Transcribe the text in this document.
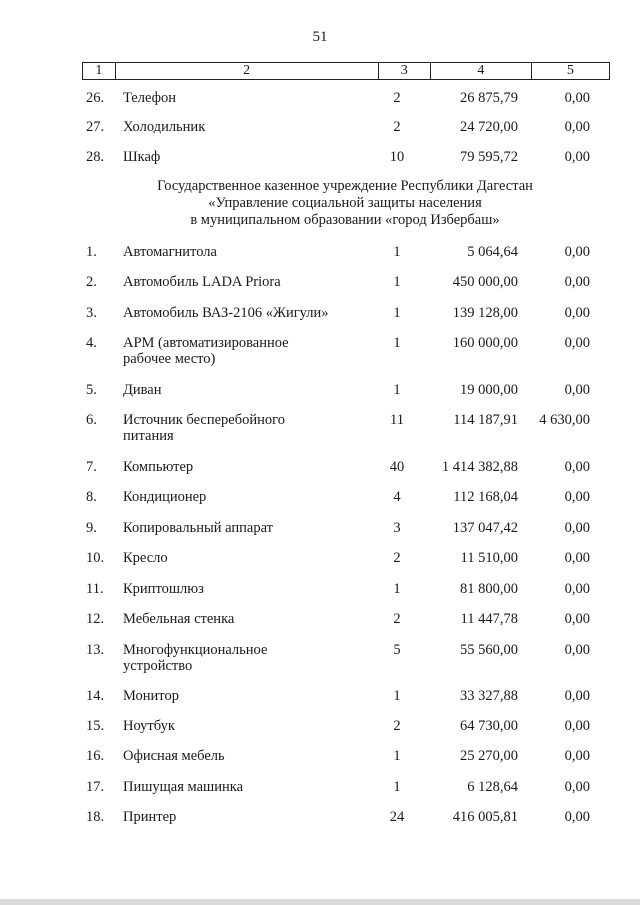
51
1	2	3	4	5
26.	Телефон	2	26 875,79	0,00
27.	Холодильник	2	24 720,00	0,00
28.	Шкаф	10	79 595,72	0,00
Государственное казенное учреждение Республики Дагестан
«Управление социальной защиты населения
в муниципальном образовании «город Избербаш»
1.	Автомагнитола	1	5 064,64	0,00
2.	Автомобиль LADA Priora	1	450 000,00	0,00
3.	Автомобиль ВАЗ-2106 «Жигули»	1	139 128,00	0,00
4.	АРМ (автоматизированное
рабочее место)
1	160 000,00	0,00
5.	Диван	1	19 000,00	0,00
6.	Источник бесперебойного
питания
11	114 187,91	4 630,00
7.	Компьютер	40	1 414 382,88	0,00
8.	Кондиционер	4	112 168,04	0,00
9.	Копировальный аппарат	3	137 047,42	0,00
10.	Кресло	2	11 510,00	0,00
11.	Криптошлюз	1	81 800,00	0,00
12.	Мебельная стенка	2	11 447,78	0,00
13.	Многофункциональное
устройство
5	55 560,00	0,00
14.	Монитор	1	33 327,88	0,00
15.	Ноутбук	2	64 730,00	0,00
16.	Офисная мебель	1	25 270,00	0,00
17.	Пишущая машинка	1	6 128,64	0,00
18.	Принтер	24	416 005,81	0,00
